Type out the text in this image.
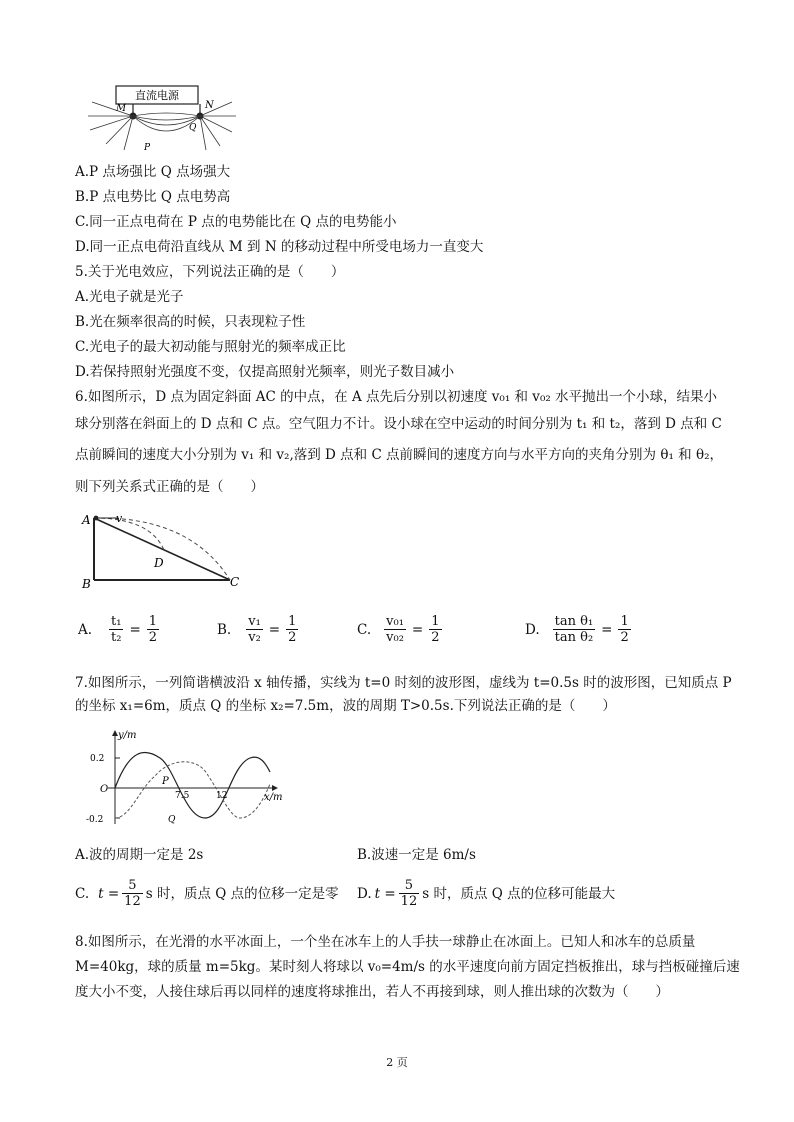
直流电源
M	N
P
Q
A.P 点场强比 Q 点场强大
B.P 点电势比 Q 点电势高
C.同一正点电荷在 P 点的电势能比在 Q 点的电势能小
D.同一正点电荷沿直线从 M 到 N 的移动过程中所受电场力一直变大
5.关于光电效应，下列说法正确的是（　　）
A.光电子就是光子
B.光在频率很高的时候，只表现粒子性
C.光电子的最大初动能与照射光的频率成正比
D.若保持照射光强度不变，仅提高照射光频率，则光子数目减小
6.如图所示，D 点为固定斜面 AC 的中点，在 A 点先后分别以初速度 v₀₁ 和 v₀₂ 水平抛出一个小球，结果小
球分别落在斜面上的 D 点和 C 点。空气阻力不计。设小球在空中运动的时间分别为 t₁ 和 t₂，落到 D 点和 C
点前瞬间的速度大小分别为 v₁ 和 v₂,落到 D 点和 C 点前瞬间的速度方向与水平方向的夹角分别为 θ₁ 和 θ₂，
则下列关系式正确的是（　　）
A v
D
B	C
A. $\frac{\text{t₁}}{\text{t₂}} = \frac{1}{2}$	B. $\frac{\text{v₁}}{\text{v₂}} = \frac{1}{2}$	C. $\frac{\text{v₀₁}}{\text{v₀₂}} = \frac{1}{2}$	D. $\frac{\text{tan θ₁}}{\text{tan θ₂}} = \frac{1}{2}$
7.如图所示，一列简谐横波沿 x 轴传播，实线为 t=0 时刻的波形图，虚线为 t=0.5s 时的波形图，已知质点 P
的坐标 x₁=6m，质点 Q 的坐标 x₂=7.5m，波的周期 T>0.5s.下列说法正确的是（　　）
y/m
x/m
0.2
-0.2
O
P
Q
7.5	12
A.波的周期一定是 2s	B.波速一定是 6m/s
C. $t = \frac{5}{12}$ s 时，质点 Q 点的位移一定是零 D. $t = \frac{5}{12}$ s 时，质点 Q 点的位移可能最大
8.如图所示，在光滑的水平冰面上，一个坐在冰车上的人手扶一球静止在冰面上。已知人和冰车的总质量
M=40kg，球的质量 m=5kg。某时刻人将球以 v₀=4m/s 的水平速度向前方固定挡板推出，球与挡板碰撞后速
度大小不变，人接住球后再以同样的速度将球推出，若人不再接到球，则人推出球的次数为（　　）
2 页
